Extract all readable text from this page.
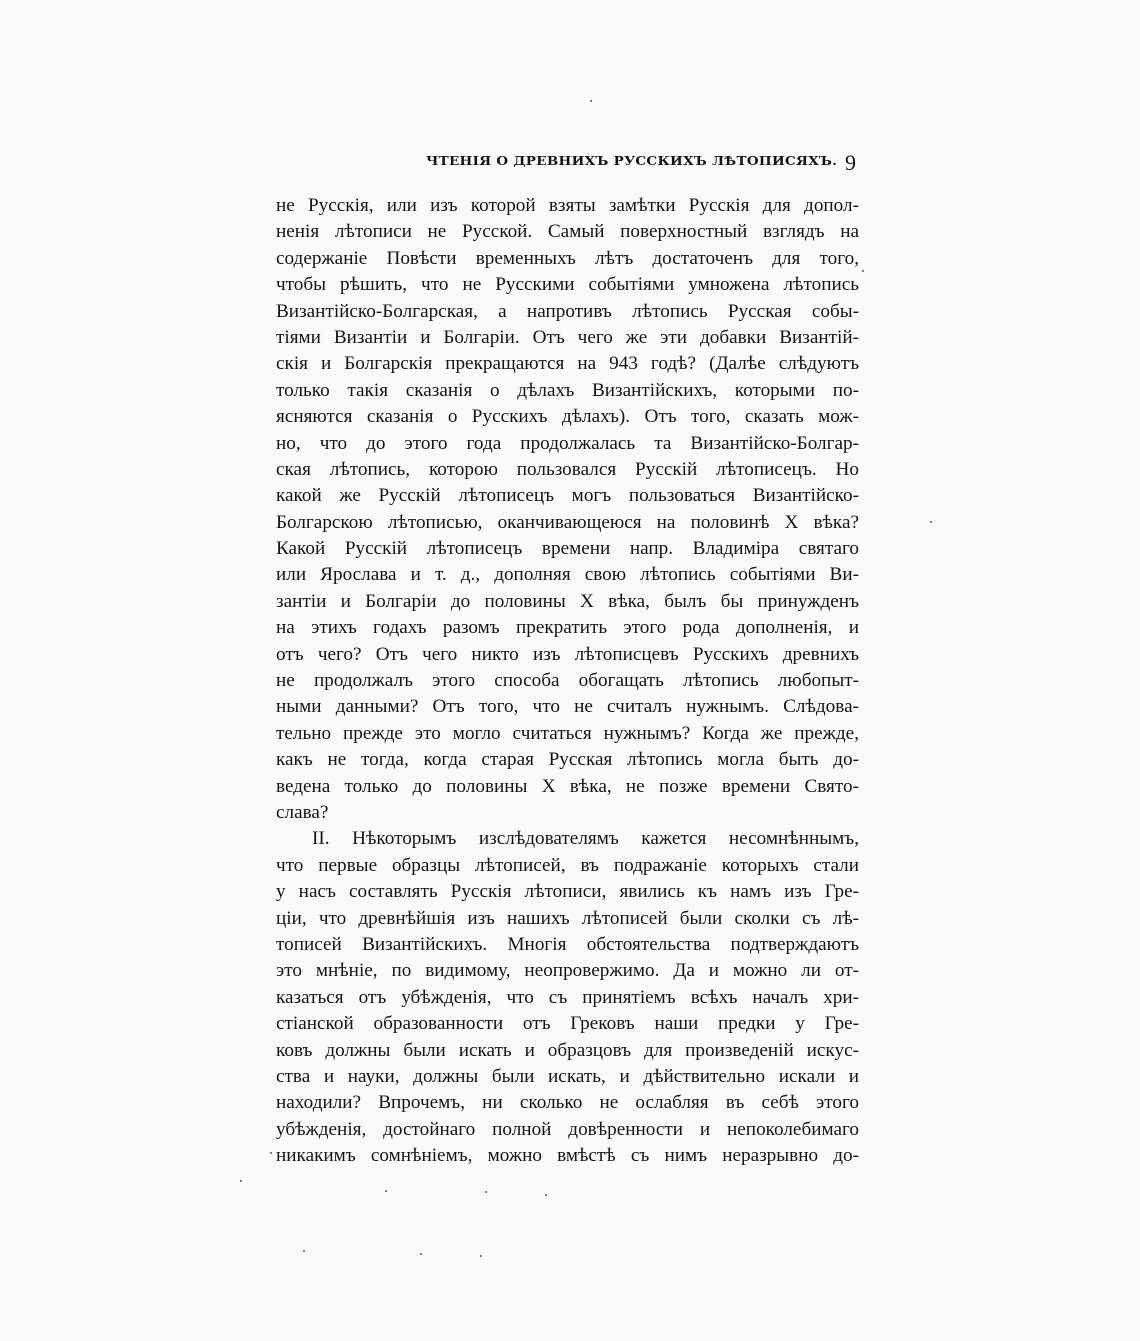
ЧТЕНІЯ О ДРЕВНИХЪ РУССКИХЪ ЛѢТОПИСЯХЪ. 9
не Русскія, или изъ которой взяты замѣтки Русскія для допол-
ненія лѣтописи не Русской. Самый поверхностный взглядъ на
содержаніе Повѣсти временныхъ лѣтъ достаточенъ для того,
чтобы рѣшить, что не Русскими событіями умножена лѣтопись
Византійско-Болгарская, а напротивъ лѣтопись Русская собы-
тіями Византіи и Болгаріи. Отъ чего же эти добавки Византій-
скія и Болгарскія прекращаются на 943 годѣ? (Далѣе слѣдуютъ
только такія сказанія о дѣлахъ Византійскихъ, которыми по-
ясняются сказанія о Русскихъ дѣлахъ). Отъ того, сказать мож-
но, что до этого года продолжалась та Византійско-Болгар-
ская лѣтопись, которою пользовался Русскій лѣтописецъ. Но
какой же Русскій лѣтописецъ могъ пользоваться Византійско-
Болгарскою лѣтописью, оканчивающеюся на половинѣ X вѣка?
Какой Русскій лѣтописецъ времени напр. Владиміра святаго
или Ярослава и т. д., дополняя свою лѣтопись событіями Ви-
зантіи и Болгаріи до половины X вѣка, былъ бы принужденъ
на этихъ годахъ разомъ прекратить этого рода дополненія, и
отъ чего? Отъ чего никто изъ лѣтописцевъ Русскихъ древнихъ
не продолжалъ этого способа обогащать лѣтопись любопыт-
ными данными? Отъ того, что не считалъ нужнымъ. Слѣдова-
тельно прежде это могло считаться нужнымъ? Когда же прежде,
какъ не тогда, когда старая Русская лѣтопись могла быть до-
ведена только до половины X вѣка, не позже времени Свято-
слава?
II. Нѣкоторымъ изслѣдователямъ кажется несомнѣннымъ,
что первые образцы лѣтописей, въ подражаніе которыхъ стали
у насъ составлять Русскія лѣтописи, явились къ намъ изъ Гре-
ціи, что древнѣйшія изъ нашихъ лѣтописей были сколки съ лѣ-
тописей Византійскихъ. Многія обстоятельства подтверждаютъ
это мнѣніе, по видимому, неопровержимо. Да и можно ли от-
казаться отъ убѣжденія, что съ принятіемъ всѣхъ началъ хри-
стіанской образованности отъ Грековъ наши предки у Гре-
ковъ должны были искать и образцовъ для произведеній искус-
ства и науки, должны были искать, и дѣйствительно искали и
находили? Впрочемъ, ни сколько не ослабляя въ себѣ этого
убѣжденія, достойнаго полной довѣренности и непоколебимаго
никакимъ сомнѣніемъ, можно вмѣстѣ съ нимъ неразрывно до-
